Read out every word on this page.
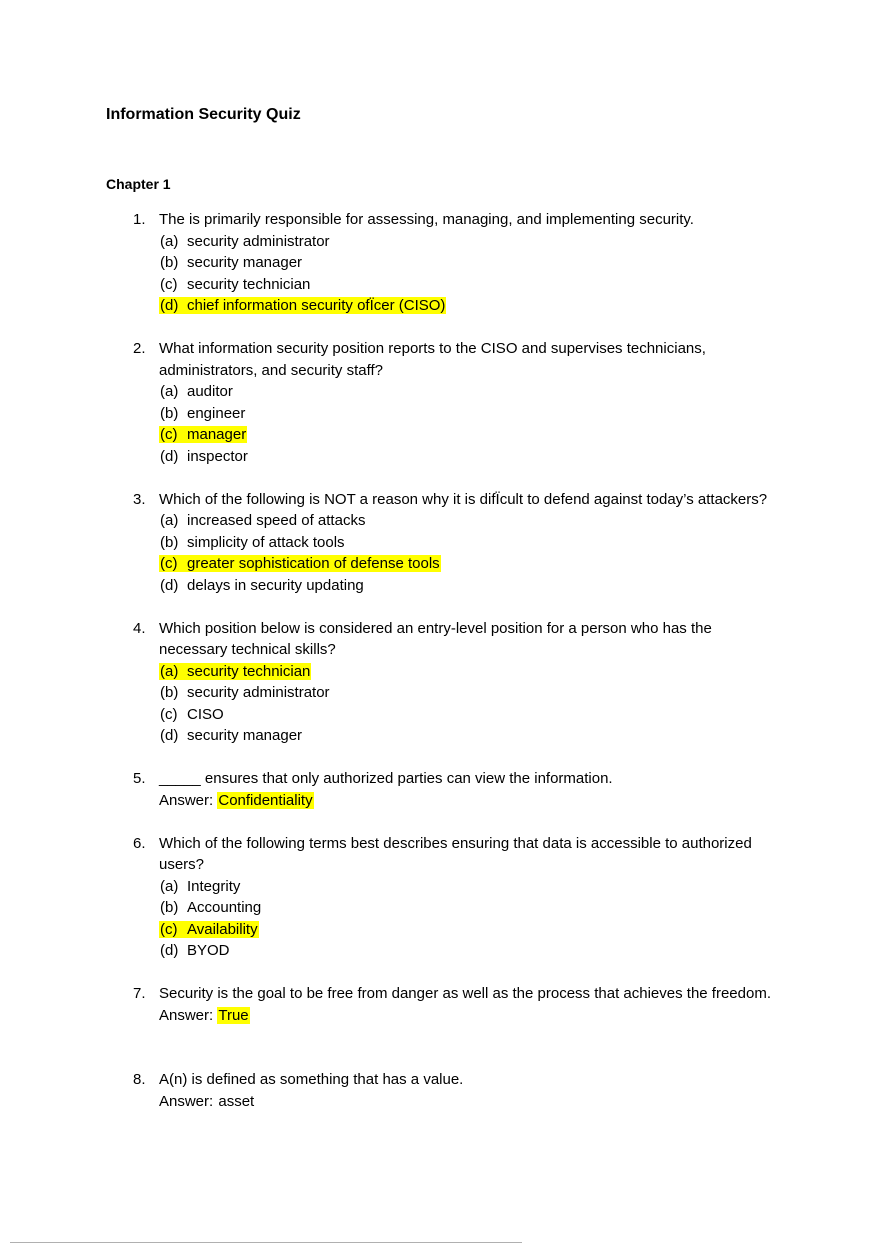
Information Security Quiz
Chapter 1
1. The is primarily responsible for assessing, managing, and implementing security.
(a) security administrator
(b) security manager
(c) security technician
(d) chief information security ofÏcer (CISO)
2. What information security position reports to the CISO and supervises technicians, administrators, and security staff?
(a) auditor
(b) engineer
(c) manager
(d) inspector
3. Which of the following is NOT a reason why it is difÏcult to defend against today’s attackers?
(a) increased speed of attacks
(b) simplicity of attack tools
(c) greater sophistication of defense tools
(d) delays in security updating
4. Which position below is considered an entry-level position for a person who has the necessary technical skills?
(a) security technician
(b) security administrator
(c) CISO
(d) security manager
5. _____ ensures that only authorized parties can view the information.
Answer: Confidentiality
6. Which of the following terms best describes ensuring that data is accessible to authorized users?
(a) Integrity
(b) Accounting
(c) Availability
(d) BYOD
7. Security is the goal to be free from danger as well as the process that achieves the freedom.
Answer: True
8. A(n) is defined as something that has a value.
Answer: asset
